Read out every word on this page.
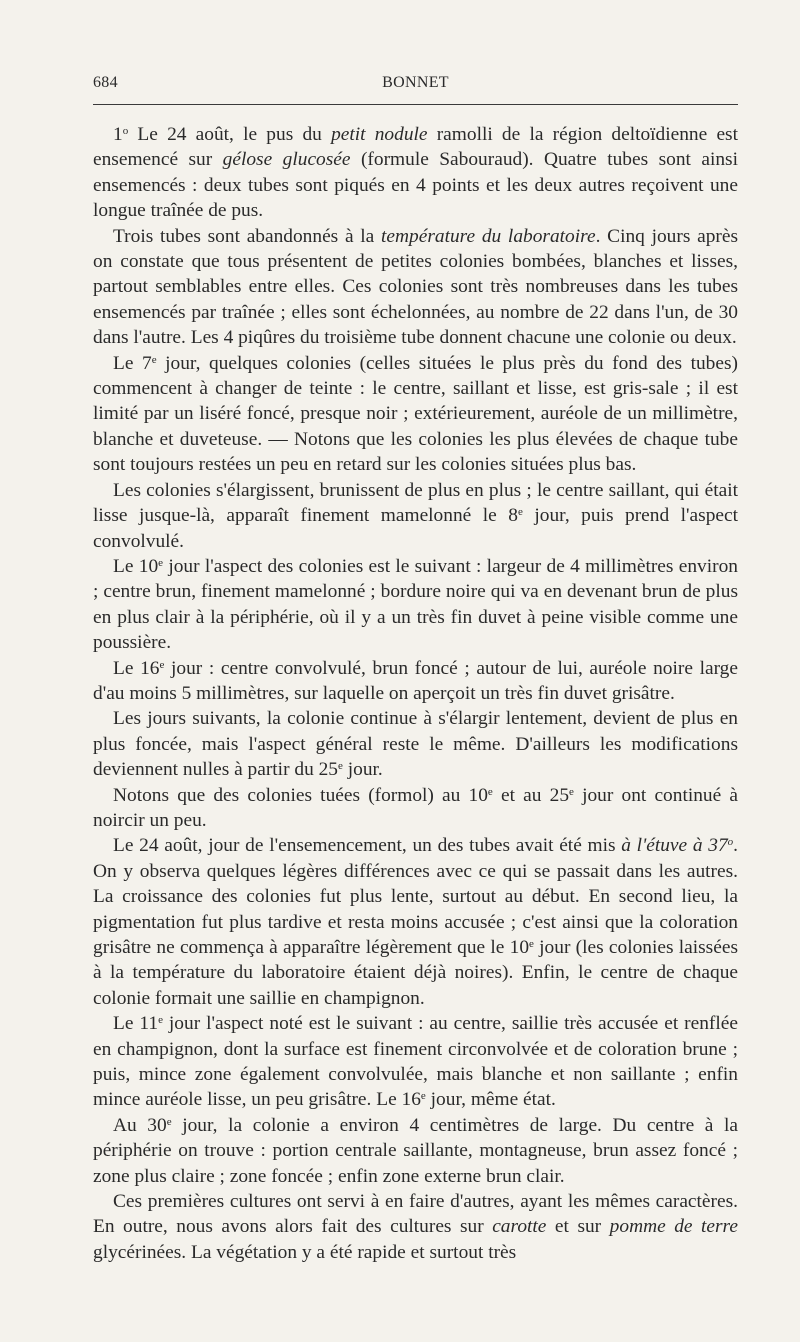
684	BONNET

1$^o$ Le 24 août, le pus du petit nodule ramolli de la région deltoïdienne est ensemencé sur gélose glucosée (formule Sabouraud). Quatre tubes sont ainsi ensemencés : deux tubes sont piqués en 4 points et les deux autres reçoivent une longue traînée de pus.

Trois tubes sont abandonnés à la température du laboratoire. Cinq jours après on constate que tous présentent de petites colonies bombées, blanches et lisses, partout semblables entre elles. Ces colonies sont très nombreuses dans les tubes ensemencés par traînée ; elles sont échelonnées, au nombre de 22 dans l'un, de 30 dans l'autre. Les 4 piqûres du troisième tube donnent chacune une colonie ou deux.

Le 7e jour, quelques colonies (celles situées le plus près du fond des tubes) commencent à changer de teinte : le centre, saillant et lisse, est gris-sale ; il est limité par un liséré foncé, presque noir ; extérieurement, auréole de un millimètre, blanche et duveteuse. — Notons que les colonies les plus élevées de chaque tube sont toujours restées un peu en retard sur les colonies situées plus bas.

Les colonies s'élargissent, brunissent de plus en plus ; le centre saillant, qui était lisse jusque-là, apparaît finement mamelonné le 8e jour, puis prend l'aspect convolvulé.

Le 10e jour l'aspect des colonies est le suivant : largeur de 4 millimètres environ ; centre brun, finement mamelonné ; bordure noire qui va en devenant brun de plus en plus clair à la périphérie, où il y a un très fin duvet à peine visible comme une poussière.

Le 16e jour : centre convolvulé, brun foncé ; autour de lui, auréole noire large d'au moins 5 millimètres, sur laquelle on aperçoit un très fin duvet grisâtre.

Les jours suivants, la colonie continue à s'élargir lentement, devient de plus en plus foncée, mais l'aspect général reste le même. D'ailleurs les modifications deviennent nulles à partir du 25e jour.

Notons que des colonies tuées (formol) au 10e et au 25e jour ont continué à noircir un peu.

Le 24 août, jour de l'ensemencement, un des tubes avait été mis à l'étuve à 37$^o$. On y observa quelques légères différences avec ce qui se passait dans les autres. La croissance des colonies fut plus lente, surtout au début. En second lieu, la pigmentation fut plus tardive et resta moins accusée ; c'est ainsi que la coloration grisâtre ne commença à apparaître légèrement que le 10e jour (les colonies laissées à la température du laboratoire étaient déjà noires). Enfin, le centre de chaque colonie formait une saillie en champignon.

Le 11e jour l'aspect noté est le suivant : au centre, saillie très accusée et renflée en champignon, dont la surface est finement circonvolvée et de coloration brune ; puis, mince zone également convolvulée, mais blanche et non saillante ; enfin mince auréole lisse, un peu grisâtre. Le 16e jour, même état.

Au 30e jour, la colonie a environ 4 centimètres de large. Du centre à la périphérie on trouve : portion centrale saillante, montagneuse, brun assez foncé ; zone plus claire ; zone foncée ; enfin zone externe brun clair.

Ces premières cultures ont servi à en faire d'autres, ayant les mêmes caractères. En outre, nous avons alors fait des cultures sur carotte et sur pomme de terre glycérinées. La végétation y a été rapide et surtout très
